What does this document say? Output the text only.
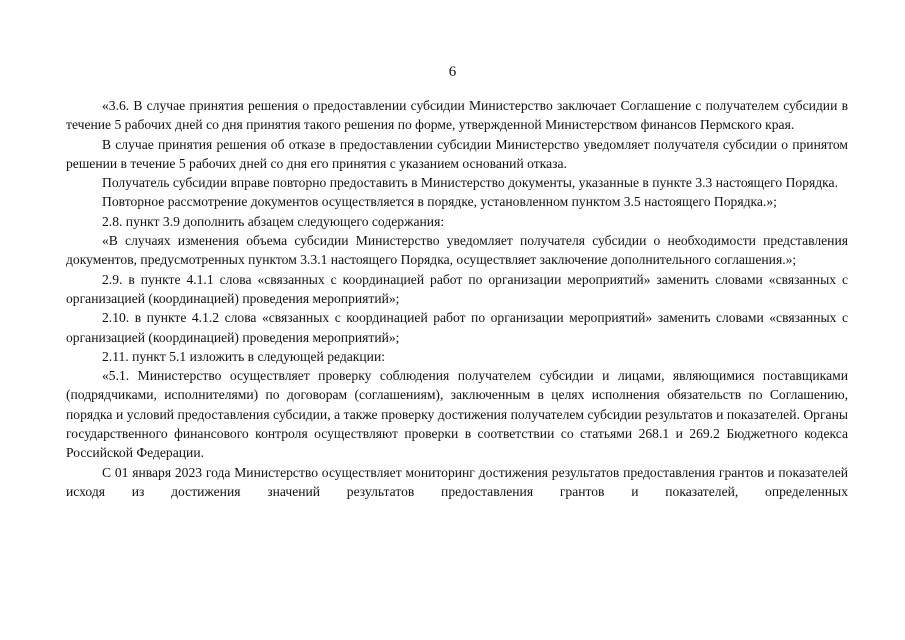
6

«3.6. В случае принятия решения о предоставлении субсидии Министерство заключает Соглашение с получателем субсидии в течение 5 рабочих дней со дня принятия такого решения по форме, утвержденной Министерством финансов Пермского края.

В случае принятия решения об отказе в предоставлении субсидии Министерство уведомляет получателя субсидии о принятом решении в течение 5 рабочих дней со дня его принятия с указанием оснований отказа.

Получатель субсидии вправе повторно предоставить в Министерство документы, указанные в пункте 3.3 настоящего Порядка.

Повторное рассмотрение документов осуществляется в порядке, установленном пунктом 3.5 настоящего Порядка.»;

2.8. пункт 3.9 дополнить абзацем следующего содержания:

«В случаях изменения объема субсидии Министерство уведомляет получателя субсидии о необходимости представления документов, предусмотренных пунктом 3.3.1 настоящего Порядка, осуществляет заключение дополнительного соглашения.»;

2.9. в пункте 4.1.1 слова «связанных с координацией работ по организации мероприятий» заменить словами «связанных с организацией (координацией) проведения мероприятий»;

2.10. в пункте 4.1.2 слова «связанных с координацией работ по организации мероприятий» заменить словами «связанных с организацией (координацией) проведения мероприятий»;

2.11. пункт 5.1 изложить в следующей редакции:

«5.1. Министерство осуществляет проверку соблюдения получателем субсидии и лицами, являющимися поставщиками (подрядчиками, исполнителями) по договорам (соглашениям), заключенным в целях исполнения обязательств по Соглашению, порядка и условий предоставления субсидии, а также проверку достижения получателем субсидии результатов и показателей. Органы государственного финансового контроля осуществляют проверки в соответствии со статьями 268.1 и 269.2 Бюджетного кодекса Российской Федерации.

С 01 января 2023 года Министерство осуществляет мониторинг достижения результатов предоставления грантов и показателей исходя из достижения значений результатов предоставления грантов и показателей, определенных
